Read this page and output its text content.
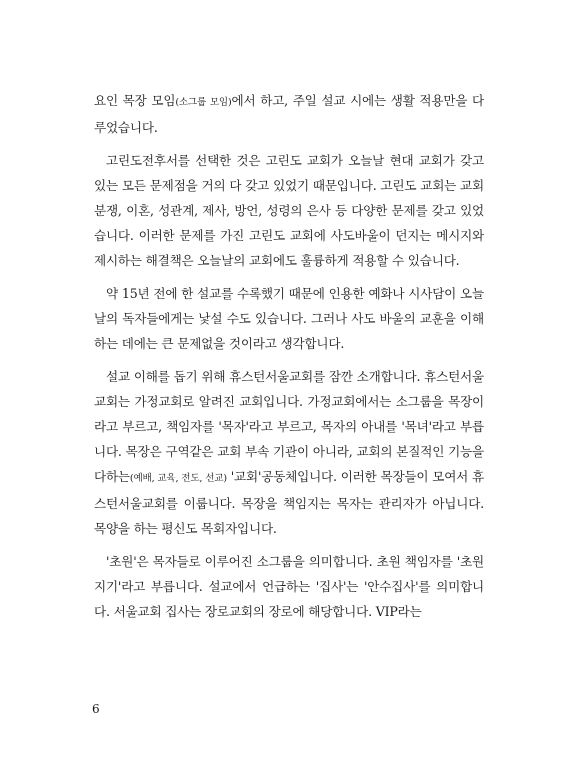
요인 목장 모임(소그룹 모임)에서 하고, 주일 설교 시에는 생활 적용만을 다루었습니다.

고린도전후서를 선택한 것은 고린도 교회가 오늘날 현대 교회가 갖고 있는 모든 문제점을 거의 다 갖고 있었기 때문입니다. 고린도 교회는 교회 분쟁, 이혼, 성관계, 제사, 방언, 성령의 은사 등 다양한 문제를 갖고 있었습니다. 이러한 문제를 가진 고린도 교회에 사도바울이 던지는 메시지와 제시하는 해결책은 오늘날의 교회에도 훌륭하게 적용할 수 있습니다.

약 15년 전에 한 설교를 수록했기 때문에 인용한 예화나 시사담이 오늘날의 독자들에게는 낯설 수도 있습니다. 그러나 사도 바울의 교훈을 이해하는 데에는 큰 문제없을 것이라고 생각합니다.

설교 이해를 돕기 위해 휴스턴서울교회를 잠깐 소개합니다. 휴스턴서울교회는 가정교회로 알려진 교회입니다. 가정교회에서는 소그룹을 목장이라고 부르고, 책임자를 '목자'라고 부르고, 목자의 아내를 '목녀'라고 부릅니다. 목장은 구역같은 교회 부속 기관이 아니라, 교회의 본질적인 기능을 다하는(예배, 교육, 전도, 선교) '교회'공동체입니다. 이러한 목장들이 모여서 휴스턴서울교회를 이룹니다. 목장을 책임지는 목자는 관리자가 아닙니다. 목양을 하는 평신도 목회자입니다.

'초원'은 목자들로 이루어진 소그룹을 의미합니다. 초원 책임자를 '초원지기'라고 부릅니다. 설교에서 언급하는 '집사'는 '안수집사'를 의미합니다. 서울교회 집사는 장로교회의 장로에 해당합니다. VIP라는

6
